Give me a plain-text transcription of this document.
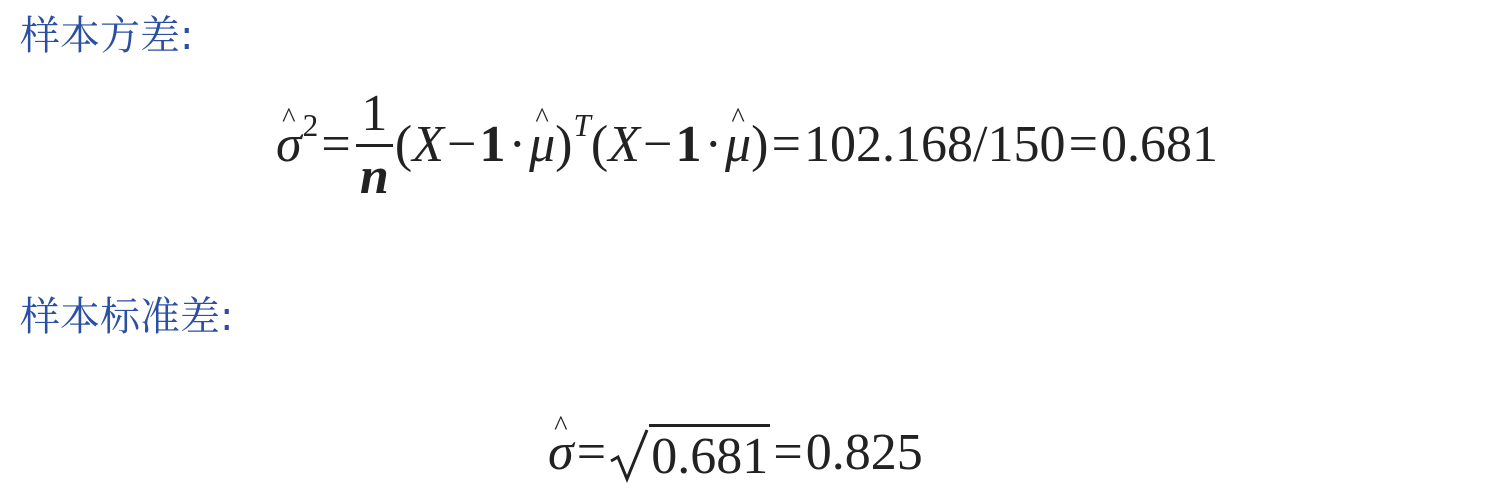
样本方差:
^ $\sigma^2 = \frac{1}{n}$ ( X − 1 · ^ μ )$^T$ ( X − 1 · ^ μ ) = 102.168/150 = 0.681
样本标准差:
^ σ = 0.681 = 0.825
